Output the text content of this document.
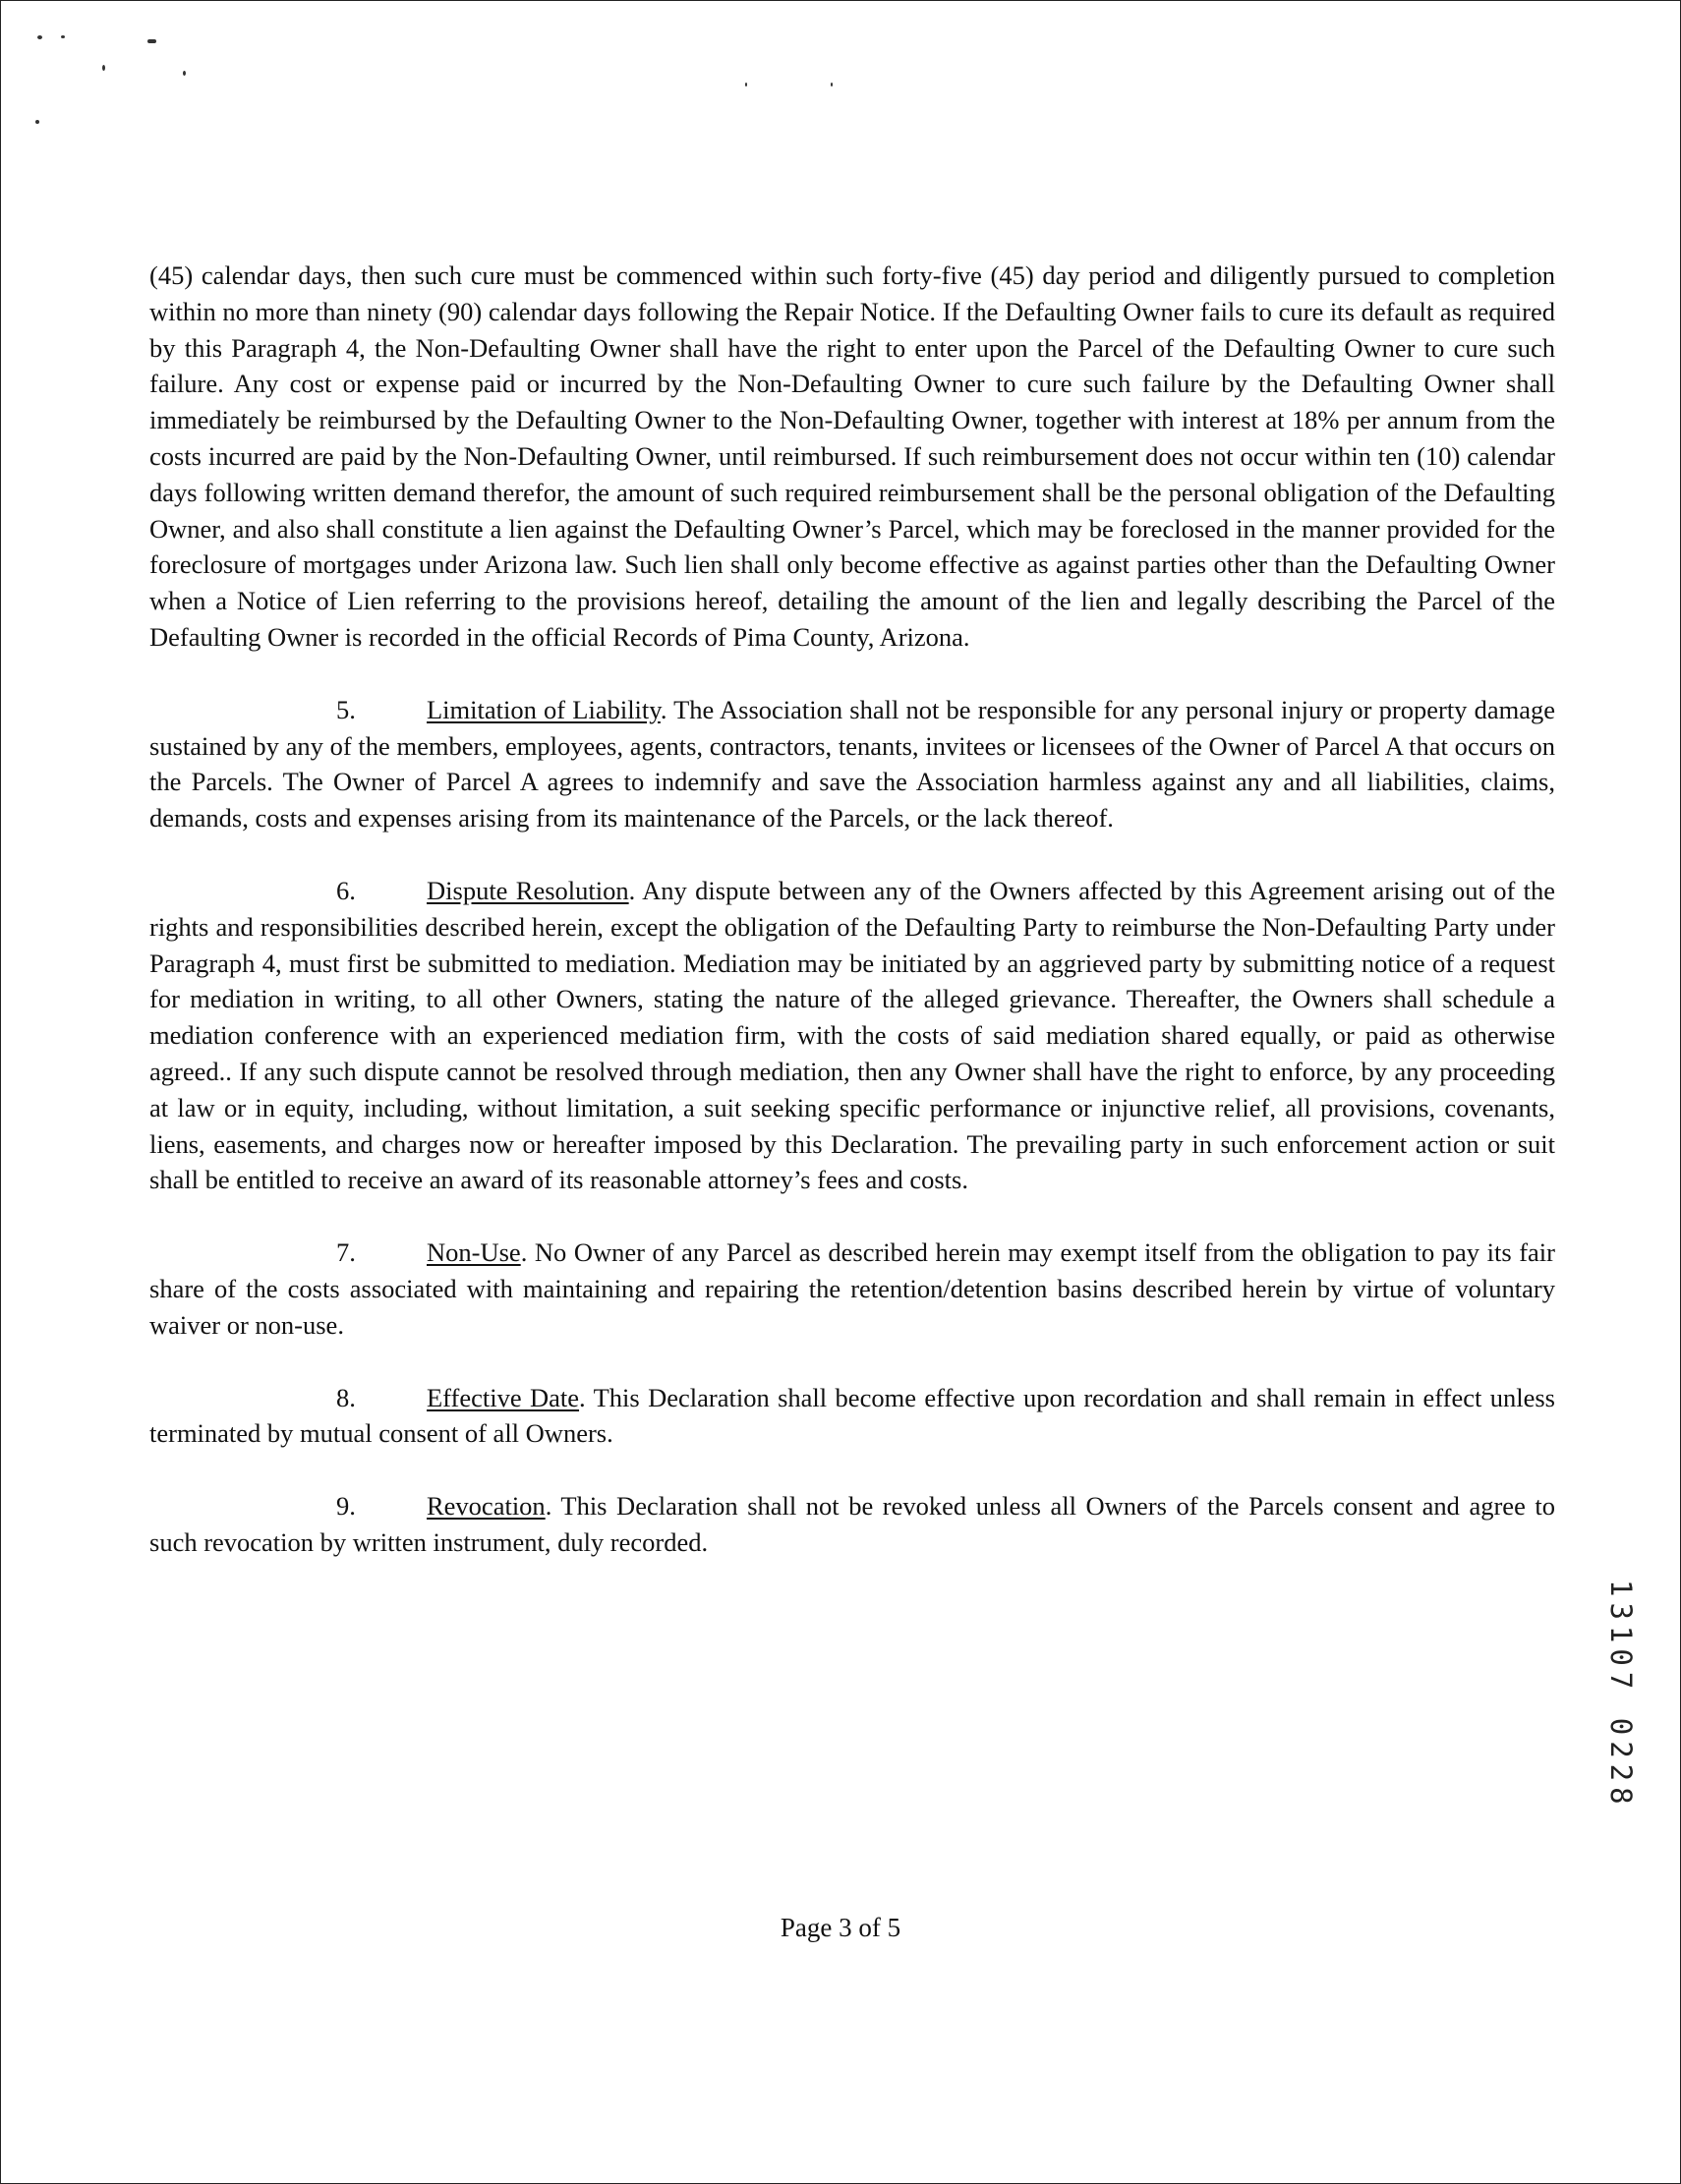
(45) calendar days, then such cure must be commenced within such forty-five (45) day period and diligently pursued to completion within no more than ninety (90) calendar days following the Repair Notice. If the Defaulting Owner fails to cure its default as required by this Paragraph 4, the Non-Defaulting Owner shall have the right to enter upon the Parcel of the Defaulting Owner to cure such failure. Any cost or expense paid or incurred by the Non-Defaulting Owner to cure such failure by the Defaulting Owner shall immediately be reimbursed by the Defaulting Owner to the Non-Defaulting Owner, together with interest at 18% per annum from the costs incurred are paid by the Non-Defaulting Owner, until reimbursed. If such reimbursement does not occur within ten (10) calendar days following written demand therefor, the amount of such required reimbursement shall be the personal obligation of the Defaulting Owner, and also shall constitute a lien against the Defaulting Owner’s Parcel, which may be foreclosed in the manner provided for the foreclosure of mortgages under Arizona law. Such lien shall only become effective as against parties other than the Defaulting Owner when a Notice of Lien referring to the provisions hereof, detailing the amount of the lien and legally describing the Parcel of the Defaulting Owner is recorded in the official Records of Pima County, Arizona.

5.	Limitation of Liability. The Association shall not be responsible for any personal injury or property damage sustained by any of the members, employees, agents, contractors, tenants, invitees or licensees of the Owner of Parcel A that occurs on the Parcels. The Owner of Parcel A agrees to indemnify and save the Association harmless against any and all liabilities, claims, demands, costs and expenses arising from its maintenance of the Parcels, or the lack thereof.

6.	Dispute Resolution. Any dispute between any of the Owners affected by this Agreement arising out of the rights and responsibilities described herein, except the obligation of the Defaulting Party to reimburse the Non-Defaulting Party under Paragraph 4, must first be submitted to mediation. Mediation may be initiated by an aggrieved party by submitting notice of a request for mediation in writing, to all other Owners, stating the nature of the alleged grievance. Thereafter, the Owners shall schedule a mediation conference with an experienced mediation firm, with the costs of said mediation shared equally, or paid as otherwise agreed.. If any such dispute cannot be resolved through mediation, then any Owner shall have the right to enforce, by any proceeding at law or in equity, including, without limitation, a suit seeking specific performance or injunctive relief, all provisions, covenants, liens, easements, and charges now or hereafter imposed by this Declaration. The prevailing party in such enforcement action or suit shall be entitled to receive an award of its reasonable attorney’s fees and costs.

7.	Non-Use. No Owner of any Parcel as described herein may exempt itself from the obligation to pay its fair share of the costs associated with maintaining and repairing the retention/detention basins described herein by virtue of voluntary waiver or non-use.

8.	Effective Date. This Declaration shall become effective upon recordation and shall remain in effect unless terminated by mutual consent of all Owners.

9.	Revocation. This Declaration shall not be revoked unless all Owners of the Parcels consent and agree to such revocation by written instrument, duly recorded.

13107 0228
Page 3 of 5
